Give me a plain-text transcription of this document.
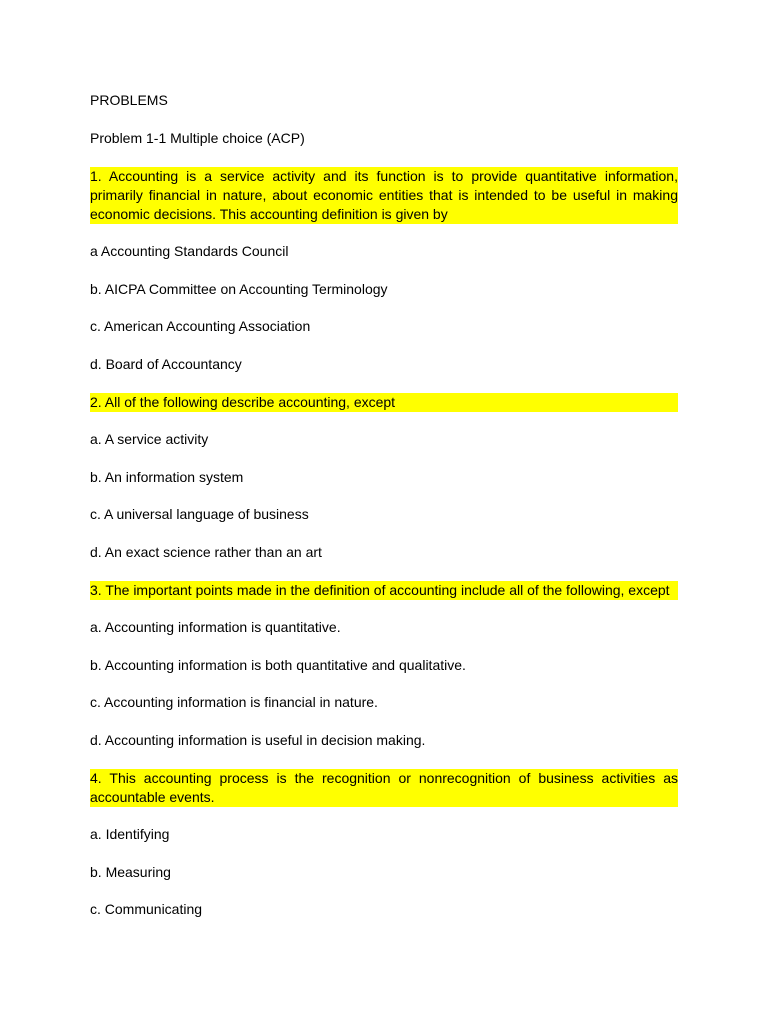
PROBLEMS

Problem 1-1 Multiple choice (ACP)

1. Accounting is a service activity and its function is to provide quantitative information, primarily financial in nature, about economic entities that is intended to be useful in making economic decisions. This accounting definition is given by

a Accounting Standards Council

b. AICPA Committee on Accounting Terminology

c. American Accounting Association

d. Board of Accountancy

2. All of the following describe accounting, except

a. A service activity

b. An information system

c. A universal language of business

d. An exact science rather than an art

3. The important points made in the definition of accounting include all of the following, except

a. Accounting information is quantitative.

b. Accounting information is both quantitative and qualitative.

c. Accounting information is financial in nature.

d. Accounting information is useful in decision making.

4. This accounting process is the recognition or nonrecognition of business activities as accountable events.

a. Identifying

b. Measuring

c. Communicating
